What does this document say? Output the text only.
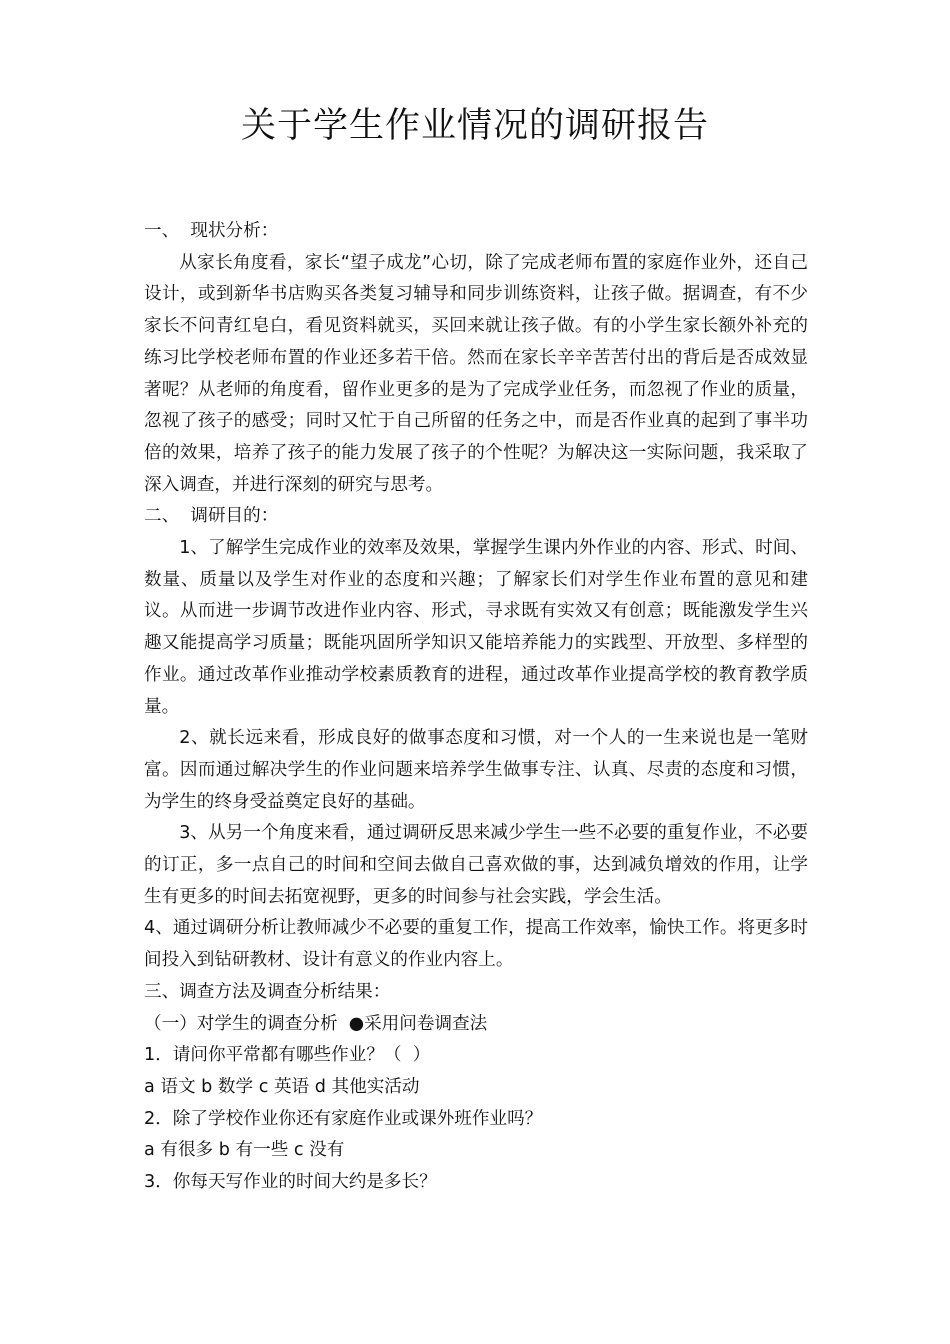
关于学生作业情况的调研报告

一、  现状分析：

从家长角度看，家长“望子成龙”心切，除了完成老师布置的家庭作业外，还自己设计，或到新华书店购买各类复习辅导和同步训练资料，让孩子做。据调查，有不少家长不问青红皂白，看见资料就买，买回来就让孩子做。有的小学生家长额外补充的练习比学校老师布置的作业还多若干倍。然而在家长辛辛苦苦付出的背后是否成效显著呢？从老师的角度看，留作业更多的是为了完成学业任务，而忽视了作业的质量，忽视了孩子的感受；同时又忙于自己所留的任务之中，而是否作业真的起到了事半功倍的效果，培养了孩子的能力发展了孩子的个性呢？为解决这一实际问题，我采取了深入调查，并进行深刻的研究与思考。

二、  调研目的：

1、了解学生完成作业的效率及效果，掌握学生课内外作业的内容、形式、时间、数量、质量以及学生对作业的态度和兴趣；了解家长们对学生作业布置的意见和建议。从而进一步调节改进作业内容、形式，寻求既有实效又有创意；既能激发学生兴趣又能提高学习质量；既能巩固所学知识又能培养能力的实践型、开放型、多样型的作业。通过改革作业推动学校素质教育的进程，通过改革作业提高学校的教育教学质量。

2、就长远来看，形成良好的做事态度和习惯，对一个人的一生来说也是一笔财富。因而通过解决学生的作业问题来培养学生做事专注、认真、尽责的态度和习惯，为学生的终身受益奠定良好的基础。

3、从另一个角度来看，通过调研反思来减少学生一些不必要的重复作业，不必要的订正，多一点自己的时间和空间去做自己喜欢做的事，达到减负增效的作用，让学生有更多的时间去拓宽视野，更多的时间参与社会实践，学会生活。

4、通过调研分析让教师减少不必要的重复工作，提高工作效率，愉快工作。将更多时间投入到钻研教材、设计有意义的作业内容上。

三、调查方法及调查分析结果：

（一）对学生的调查分析  ●采用问卷调查法

1．请问你平常都有哪些作业？（  ）

a 语文 b 数学 c 英语 d 其他实活动

2．除了学校作业你还有家庭作业或课外班作业吗？

a 有很多 b 有一些 c 没有

3．你每天写作业的时间大约是多长？
